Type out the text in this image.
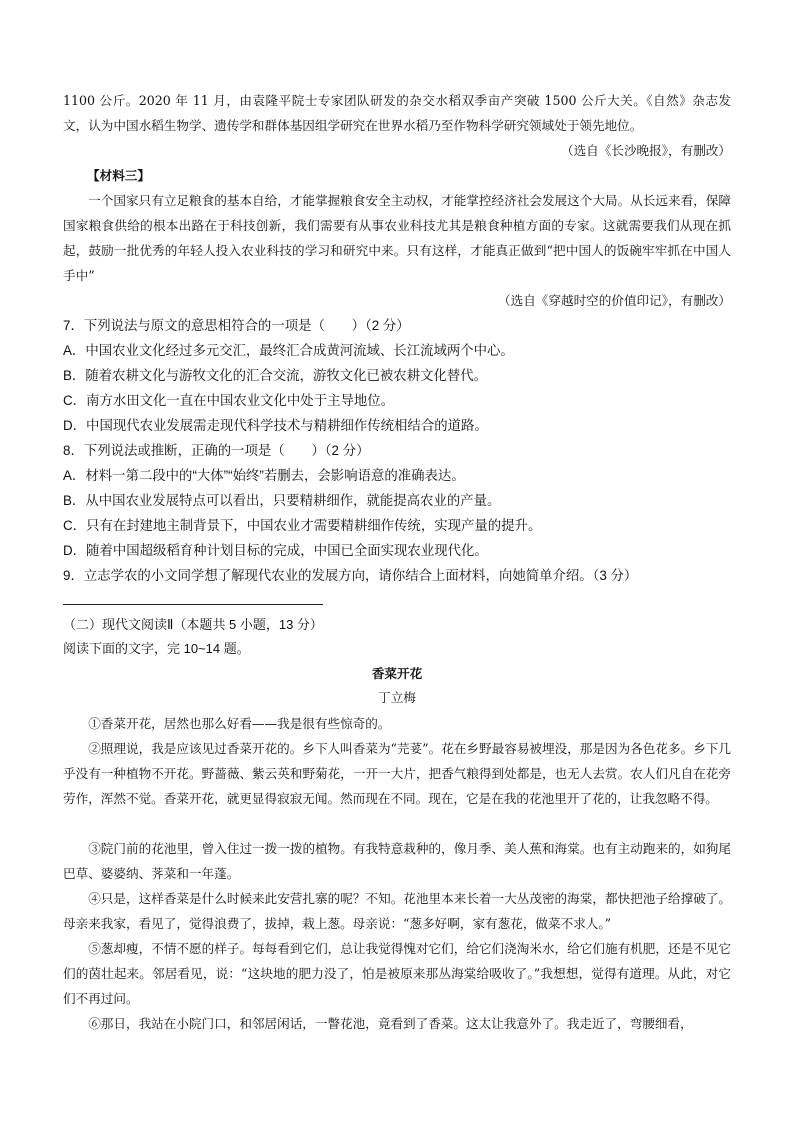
1100 公斤。2020 年 11 月，由袁隆平院士专家团队研发的杂交水稻双季亩产突破 1500 公斤大关。《自然》杂志发文，认为中国水稻生物学、遗传学和群体基因组学研究在世界水稻乃至作物科学研究领域处于领先地位。

（选自《长沙晚报》，有删改）
【材料三】

一个国家只有立足粮食的基本自给，才能掌握粮食安全主动权，才能掌控经济社会发展这个大局。从长远来看，保障国家粮食供给的根本出路在于科技创新，我们需要有从事农业科技尤其是粮食种植方面的专家。这就需要我们从现在抓起，鼓励一批优秀的年轻人投入农业科技的学习和研究中来。只有这样，才能真正做到“把中国人的饭碗牢牢抓在中国人手中”

（选自《穿越时空的价值印记》，有删改）

7．下列说法与原文的意思相符合的一项是（　　）（2 分）

A．中国农业文化经过多元交汇，最终汇合成黄河流域、长江流域两个中心。

B．随着农耕文化与游牧文化的汇合交流，游牧文化已被农耕文化替代。

C．南方水田文化一直在中国农业文化中处于主导地位。

D．中国现代农业发展需走现代科学技术与精耕细作传统相结合的道路。

8．下列说法或推断，正确的一项是（　　）（2 分）

A．材料一第二段中的“大体”“始终”若删去，会影响语意的准确表达。

B．从中国农业发展特点可以看出，只要精耕细作，就能提高农业的产量。

C．只有在封建地主制背景下，中国农业才需要精耕细作传统，实现产量的提升。

D．随着中国超级稻育种计划目标的完成，中国已全面实现农业现代化。

9．立志学农的小文同学想了解现代农业的发展方向，请你结合上面材料，向她简单介绍。（3 分）

（二）现代文阅读Ⅱ（本题共 5 小题，13 分）

阅读下面的文字，完 10~14 题。

香菜开花
丁立梅

①香菜开花，居然也那么好看——我是很有些惊奇的。

②照理说，我是应该见过香菜开花的。乡下人叫香菜为“芫荽”。花在乡野最容易被埋没，那是因为各色花多。乡下几乎没有一种植物不开花。野蔷薇、紫云英和野菊花，一开一大片，把香气粮得到处都是，也无人去赏。农人们凡自在花旁劳作，浑然不觉。香菜开花，就更显得寂寂无闻。然而现在不同。现在，它是在我的花池里开了花的，让我忽略不得。

③院门前的花池里，曾入住过一拨一拨的植物。有我特意栽种的，像月季、美人蕉和海棠。也有主动跑来的，如狗尾巴草、婆婆纳、荠菜和一年蓬。

④只是，这样香菜是什么时候来此安营扎寨的呢？不知。花池里本来长着一大丛茂密的海棠，都快把池子给撑破了。母亲来我家，看见了，觉得浪费了，拔掉，栽上葱。母亲说：“葱多好啊，家有葱花，做菜不求人。”

⑤葱却瘦，不情不愿的样子。每每看到它们，总让我觉得愧对它们，给它们浇淘米水，给它们施有机肥，还是不见它们的茵壮起来。邻居看见，说：“这块地的肥力没了，怕是被原来那丛海棠给吸收了。”我想想，觉得有道理。从此，对它们不再过问。

⑥那日，我站在小院门口，和邻居闲话，一瞥花池，竟看到了香菜。这太让我意外了。我走近了，弯腰细看，
